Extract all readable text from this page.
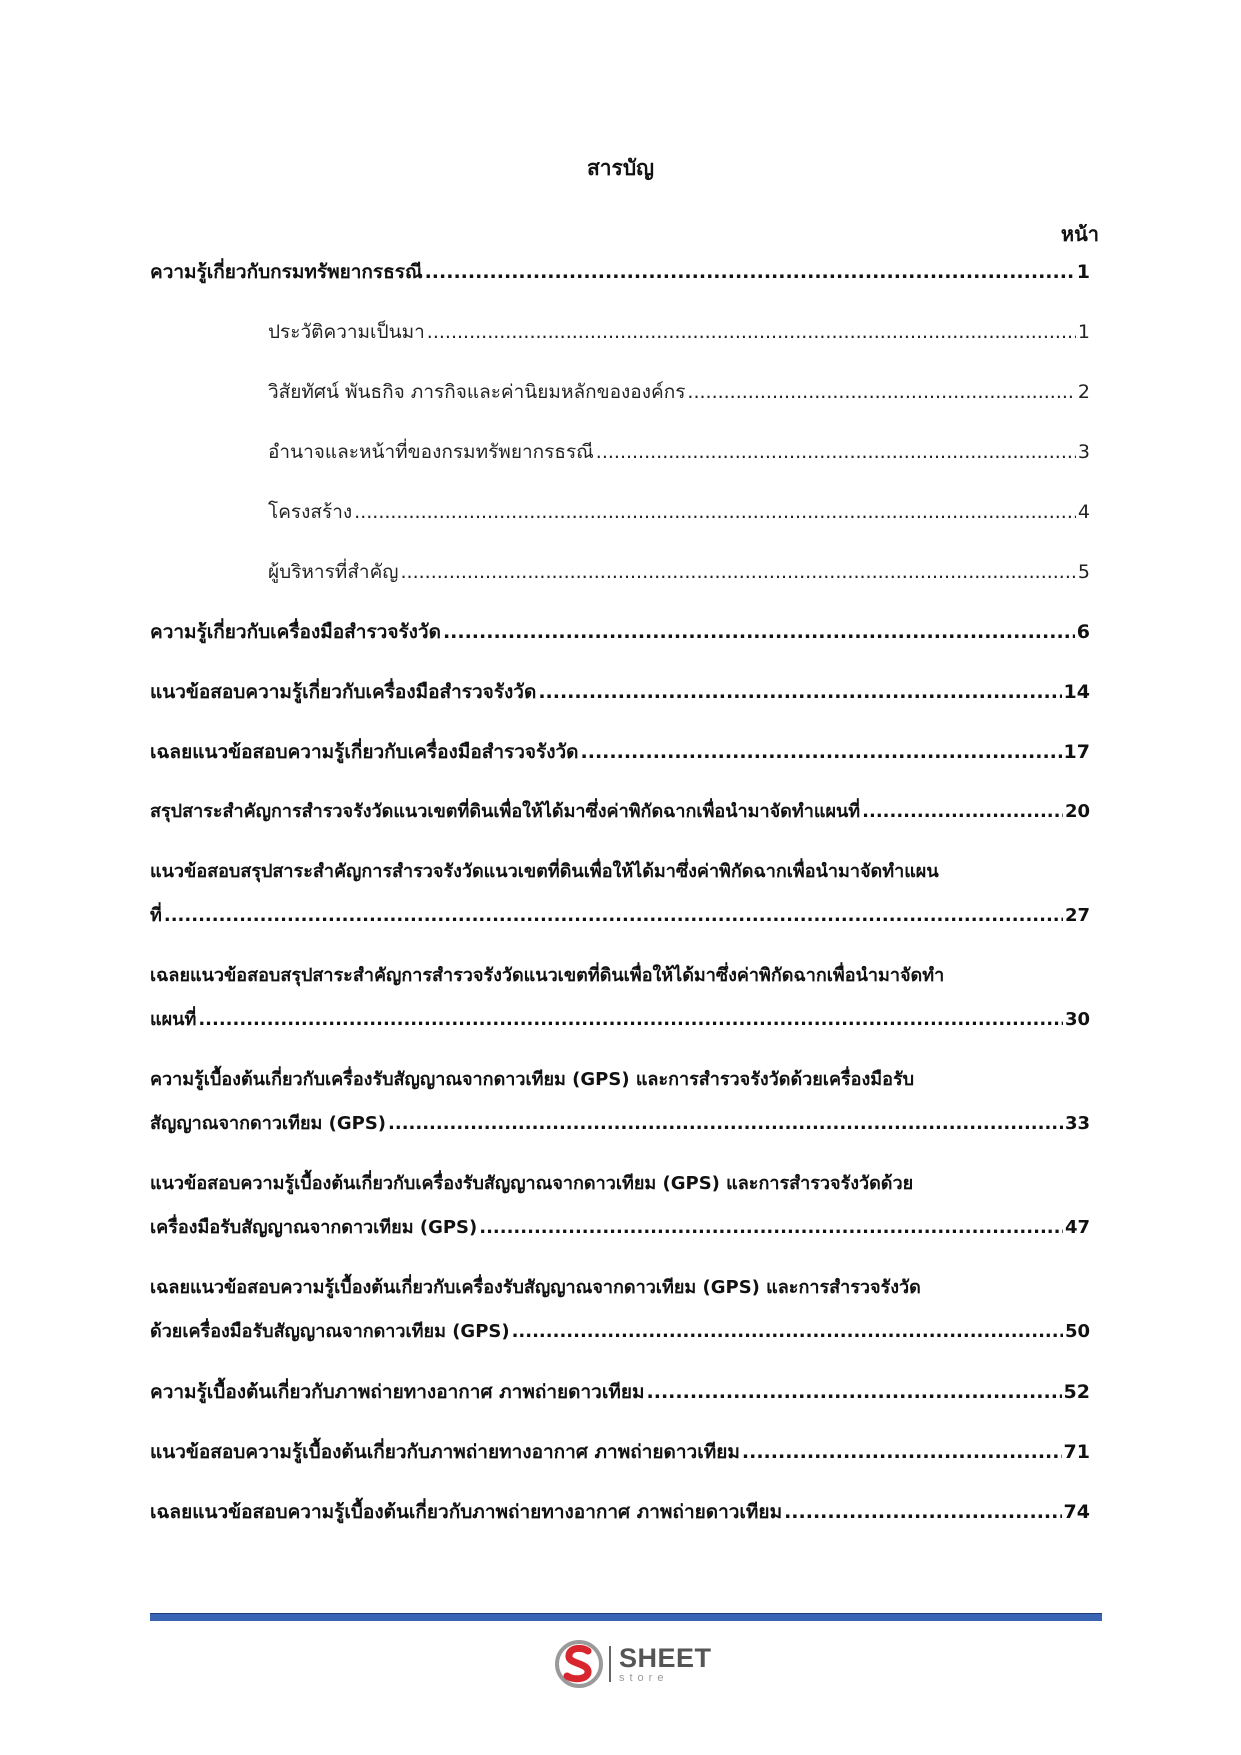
สารบัญ
หน้า
ความรู้เกี่ยวกับกรมทรัพยากรธรณี .....	1
ประวัติความเป็นมา .....	1
วิสัยทัศน์ พันธกิจ ภารกิจและค่านิยมหลักขององค์กร .....	2
อำนาจและหน้าที่ของกรมทรัพยากรธรณี .....	3
โครงสร้าง .....	4
ผู้บริหารที่สำคัญ .....	5
ความรู้เกี่ยวกับเครื่องมือสำรวจรังวัด .....	6
แนวข้อสอบความรู้เกี่ยวกับเครื่องมือสำรวจรังวัด .....	14
เฉลยแนวข้อสอบความรู้เกี่ยวกับเครื่องมือสำรวจรังวัด .....	17
สรุปสาระสำคัญการสำรวจรังวัดแนวเขตที่ดินเพื่อให้ได้มาซึ่งค่าพิกัดฉากเพื่อนำมาจัดทำแผนที่ .....	20
แนวข้อสอบสรุปสาระสำคัญการสำรวจรังวัดแนวเขตที่ดินเพื่อให้ได้มาซึ่งค่าพิกัดฉากเพื่อนำมาจัดทำแผน
ที่ .....	27
เฉลยแนวข้อสอบสรุปสาระสำคัญการสำรวจรังวัดแนวเขตที่ดินเพื่อให้ได้มาซึ่งค่าพิกัดฉากเพื่อนำมาจัดทำ
แผนที่ .....	30
ความรู้เบื้องต้นเกี่ยวกับเครื่องรับสัญญาณจากดาวเทียม (GPS) และการสำรวจรังวัดด้วยเครื่องมือรับ
สัญญาณจากดาวเทียม (GPS) .....	33
แนวข้อสอบความรู้เบื้องต้นเกี่ยวกับเครื่องรับสัญญาณจากดาวเทียม (GPS) และการสำรวจรังวัดด้วย
เครื่องมือรับสัญญาณจากดาวเทียม (GPS) .....	47
เฉลยแนวข้อสอบความรู้เบื้องต้นเกี่ยวกับเครื่องรับสัญญาณจากดาวเทียม (GPS) และการสำรวจรังวัด
ด้วยเครื่องมือรับสัญญาณจากดาวเทียม (GPS) .....	50
ความรู้เบื้องต้นเกี่ยวกับภาพถ่ายทางอากาศ ภาพถ่ายดาวเทียม .....	52
แนวข้อสอบความรู้เบื้องต้นเกี่ยวกับภาพถ่ายทางอากาศ ภาพถ่ายดาวเทียม .....	71
เฉลยแนวข้อสอบความรู้เบื้องต้นเกี่ยวกับภาพถ่ายทางอากาศ ภาพถ่ายดาวเทียม .....	74
SHEET
store
